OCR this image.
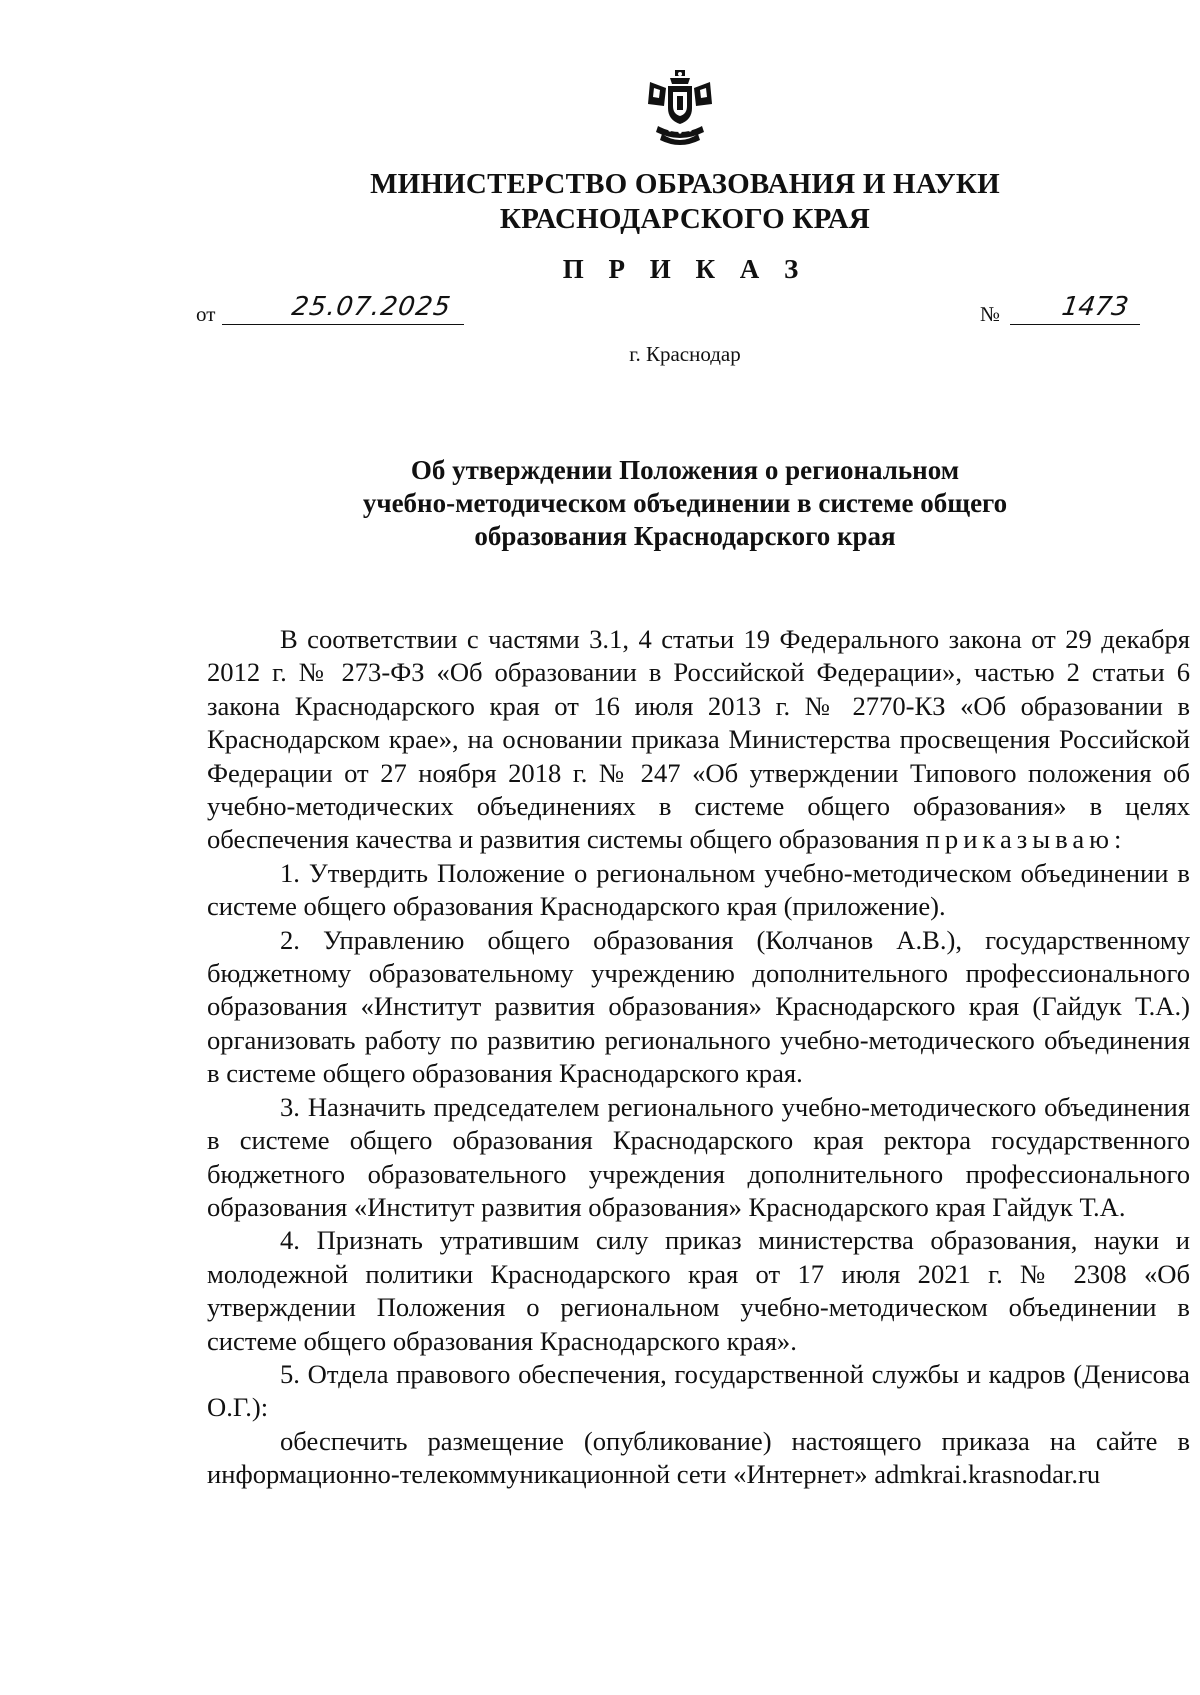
МИНИСТЕРСТВО ОБРАЗОВАНИЯ И НАУКИ
КРАСНОДАРСКОГО КРАЯ
П Р И К А З
от	25.07.2025	№ 1473
г. Краснодар
Об утверждении Положения о региональном
учебно-методическом объединении в системе общего
образования Краснодарского края

В соответствии с частями 3.1, 4 статьи 19 Федерального закона от 29 декабря 2012 г. № 273-ФЗ «Об образовании в Российской Федерации», частью 2 статьи 6 закона Краснодарского края от 16 июля 2013 г. № 2770-КЗ «Об образовании в Краснодарском крае», на основании приказа Министерства просвещения Российской Федерации от 27 ноября 2018 г. № 247 «Об утверждении Типового положения об учебно-методических объединениях в системе общего образования» в целях обеспечения качества и развития системы общего образования приказываю:

1. Утвердить Положение о региональном учебно-методическом объединении в системе общего образования Краснодарского края (приложение).

2. Управлению общего образования (Колчанов А.В.), государственному бюджетному образовательному учреждению дополнительного профессионального образования «Институт развития образования» Краснодарского края (Гайдук Т.А.) организовать работу по развитию регионального учебно-методического объединения в системе общего образования Краснодарского края.

3. Назначить председателем регионального учебно-методического объединения в системе общего образования Краснодарского края ректора государственного бюджетного образовательного учреждения дополнительного профессионального образования «Институт развития образования» Краснодарского края Гайдук Т.А.

4. Признать утратившим силу приказ министерства образования, науки и молодежной политики Краснодарского края от 17 июля 2021 г. № 2308 «Об утверждении Положения о региональном учебно-методическом объединении в системе общего образования Краснодарского края».

5. Отдела правового обеспечения, государственной службы и кадров (Денисова О.Г.):

обеспечить размещение (опубликование) настоящего приказа на сайте в информационно-телекоммуникационной сети «Интернет» admkrai.krasnodar.ru
